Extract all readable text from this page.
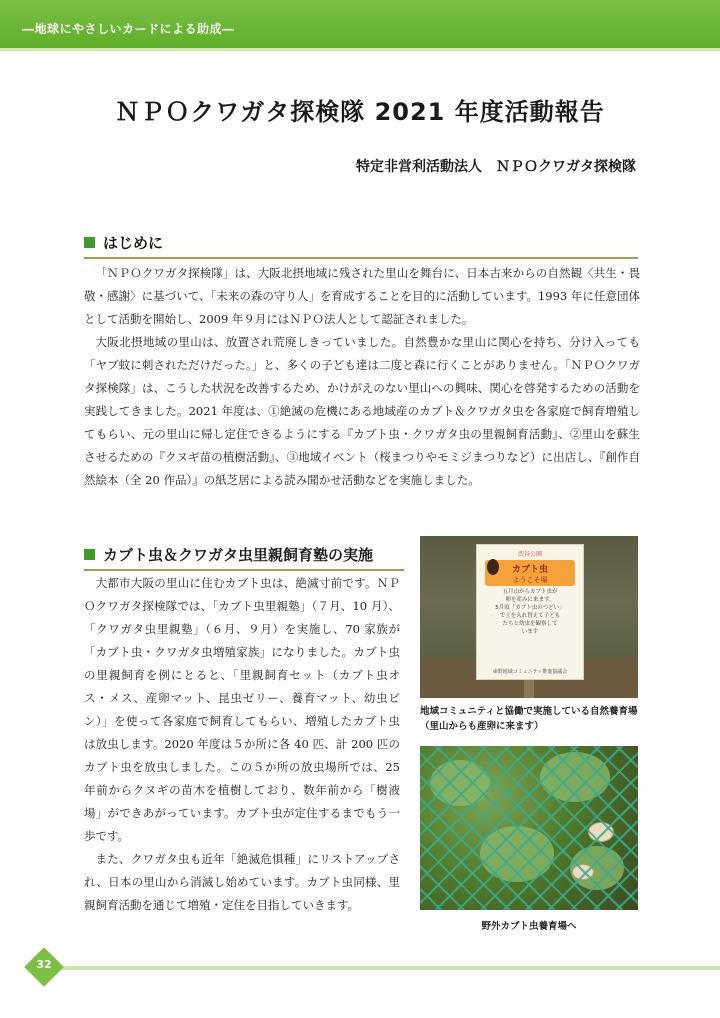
―地球にやさしいカードによる助成―
ＮＰＯクワガタ探検隊 2021 年度活動報告
特定非営利活動法人　ＮＰＯクワガタ探検隊
はじめに

「ＮＰＯクワガタ探検隊」は、大阪北摂地域に残された里山を舞台に、日本古来からの自然観〈共生・畏敬・感謝〉に基づいて、「未来の森の守り人」を育成することを目的に活動しています。1993 年に任意団体として活動を開始し、2009 年９月にはＮＰＯ法人として認証されました。

大阪北摂地域の里山は、放置され荒廃しきっていました。自然豊かな里山に関心を持ち、分け入っても「ヤブ蚊に刺されただけだった。」と、多くの子ども達は二度と森に行くことがありません。「ＮＰＯクワガタ探検隊」は、こうした状況を改善するため、かけがえのない里山への興味、関心を啓発するための活動を実践してきました。2021 年度は、①絶滅の危機にある地域産のカブト＆クワガタ虫を各家庭で飼育増殖してもらい、元の里山に帰し定住できるようにする『カブト虫・クワガタ虫の里親飼育活動』、②里山を蘇生させるための『クヌギ苗の植樹活動』、③地域イベント（桜まつりやモミジまつりなど）に出店し、『創作自然絵本（全 20 作品）』の紙芝居による読み聞かせ活動などを実施しました。

カブト虫＆クワガタ虫里親飼育塾の実施

大都市大阪の里山に住むカブト虫は、絶滅寸前です。ＮＰＯクワガタ探検隊では、「カブト虫里親塾」（７月、10 月）、「クワガタ虫里親塾」（６月、９月）を実施し、70 家族が「カブト虫・クワガタ虫増殖家族」になりました。カブト虫の里親飼育を例にとると、「里親飼育セット（カブト虫オス・メス、産卵マット、昆虫ゼリー、養育マット、幼虫ビン）」を使って各家庭で飼育してもらい、増殖したカブト虫は放虫します。2020 年度は５か所に各 40 匹、計 200 匹のカブト虫を放虫しました。この５か所の放虫場所では、25 年前からクヌギの苗木を植樹しており、数年前から「樹液場」ができあがっています。カブト虫が定住するまでもう一歩です。

また、クワガタ虫も近年「絶滅危惧種」にリストアップされ、日本の里山から消滅し始めています。カブト虫同様、里親飼育活動を通じて増殖・定住を目指していきます。

渋谷公園
カブト虫
ようこそ場
五月山からカブト虫が
卵を産みに来ます。
5月頃「カブト虫のつどい」
で土を入れ替えて子ども
たちと幼虫を観察して
います
東野地域コミュニティ推進協議会
地域コミュニティと協働で実施している自然養育場（里山からも産卵に来ます）
野外カブト虫養育場へ
32
